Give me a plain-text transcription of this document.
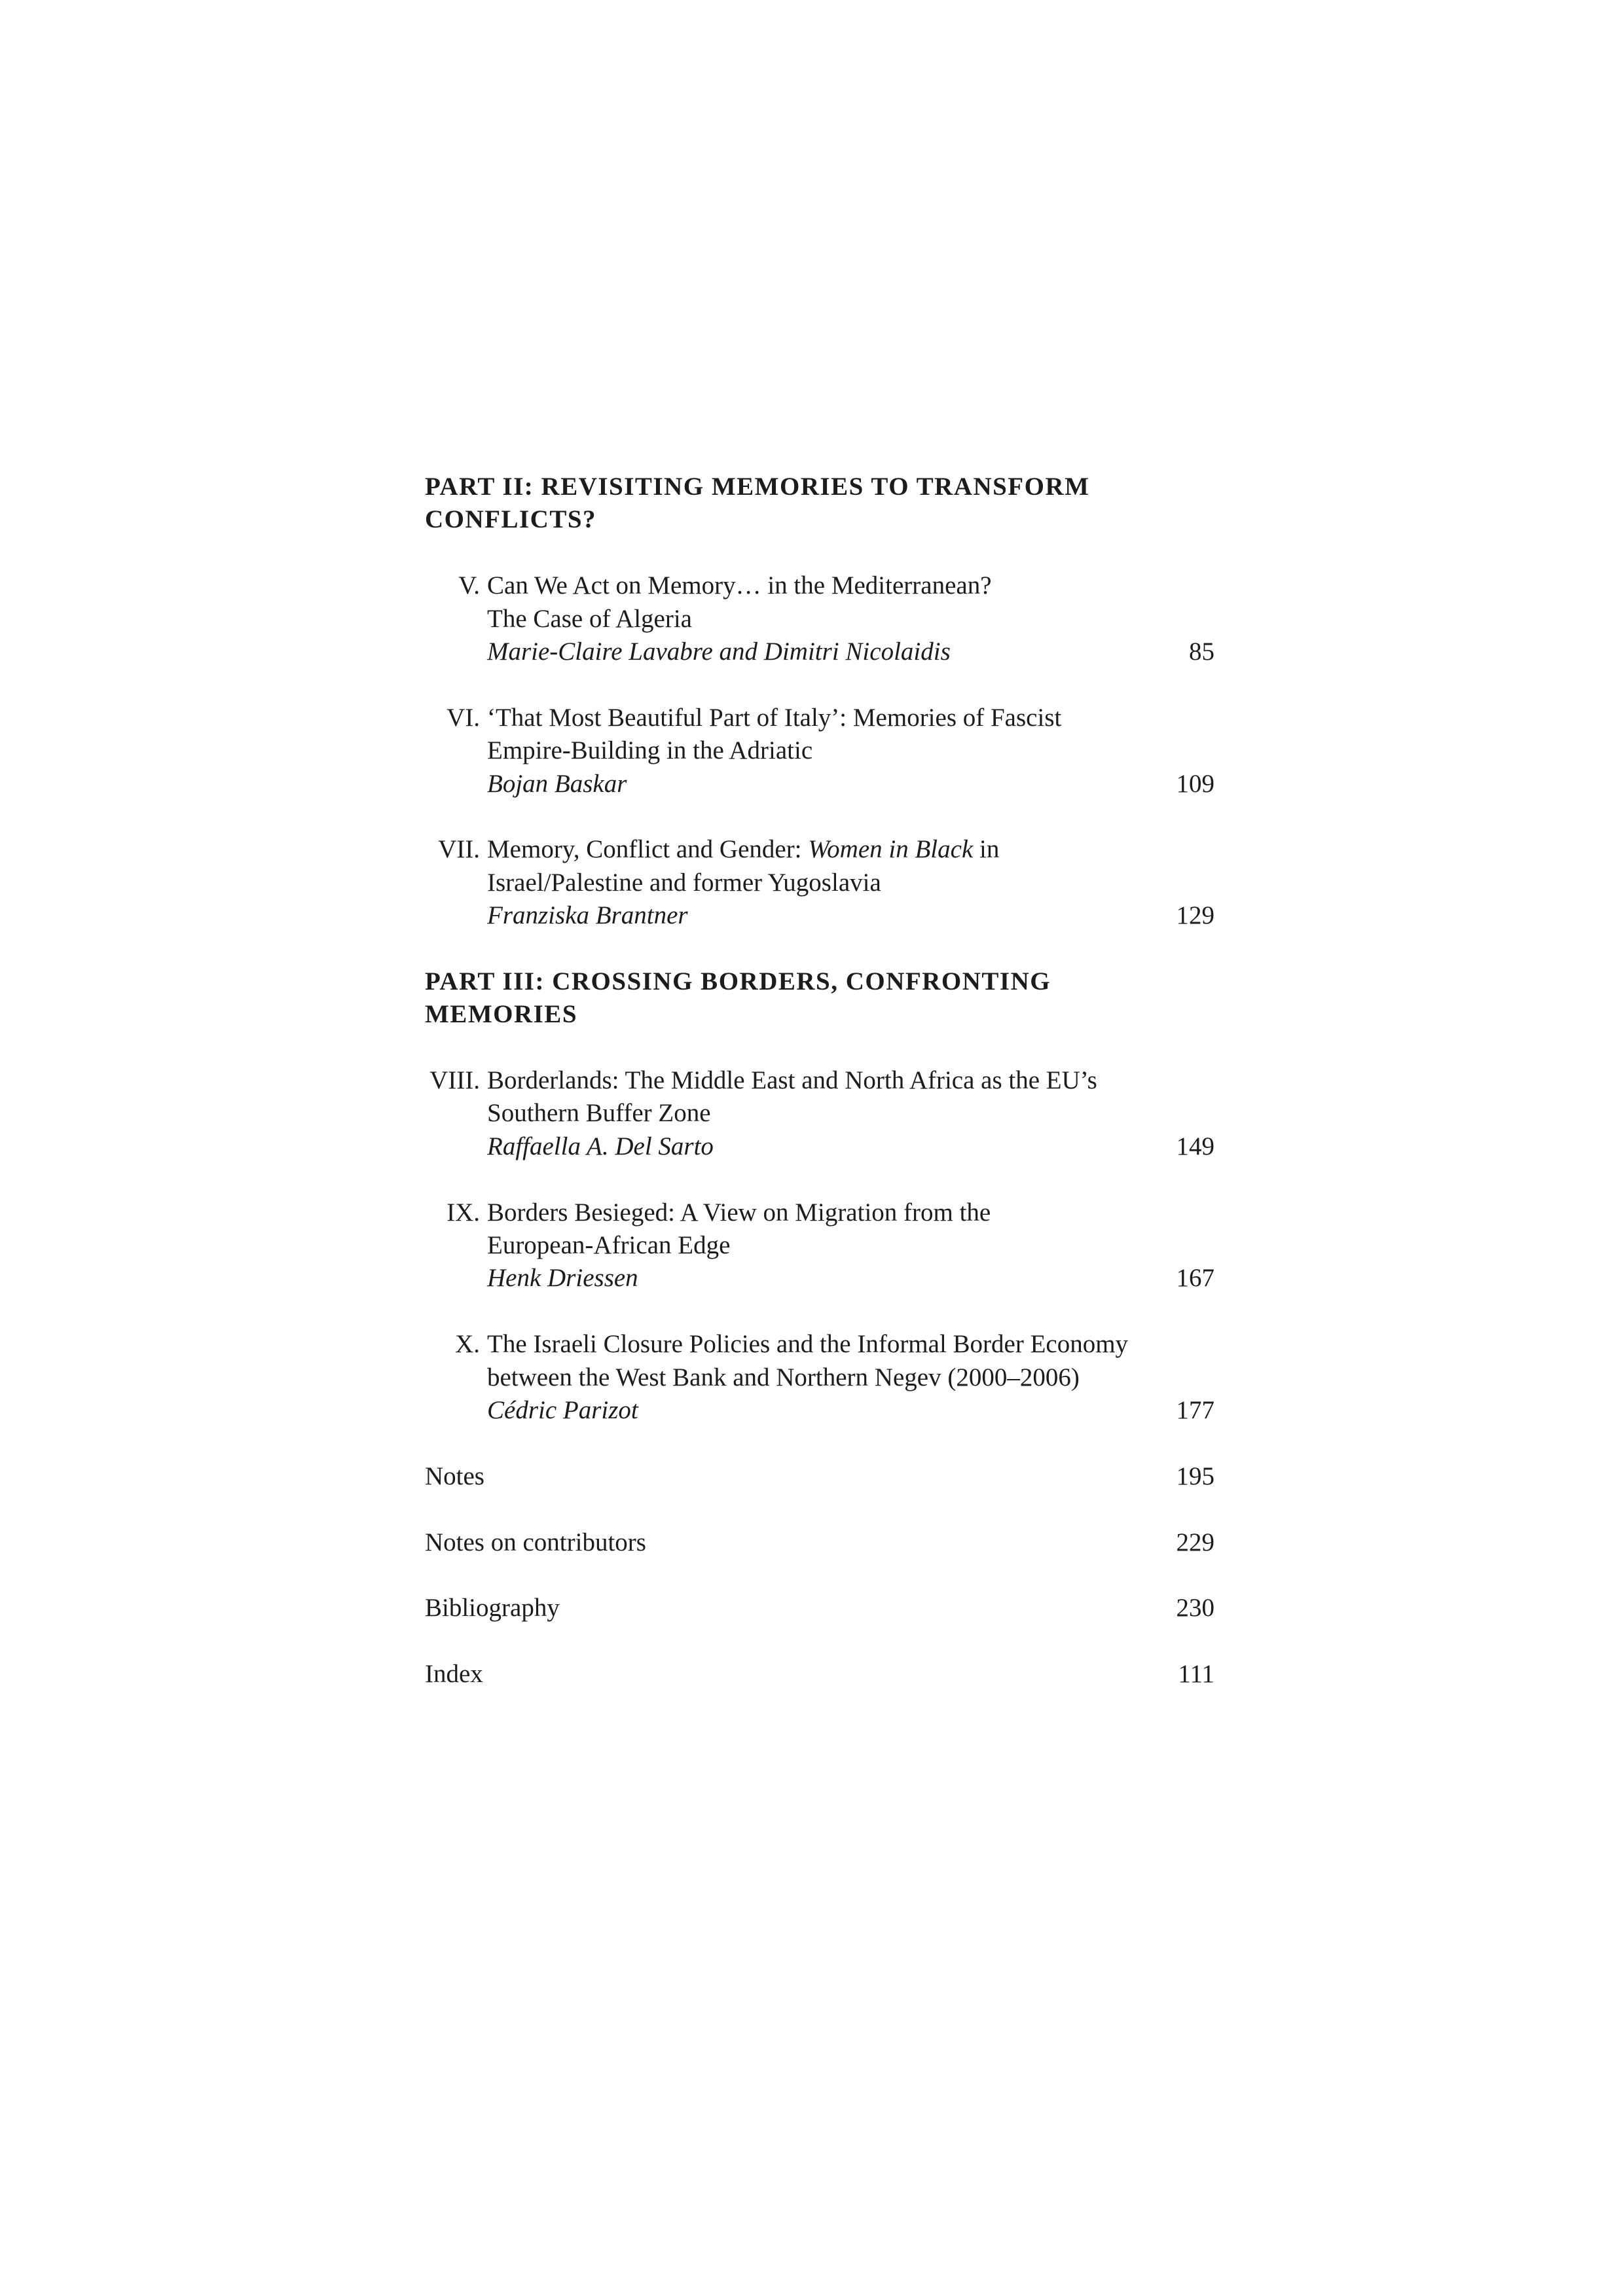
PART II: REVISITING MEMORIES TO TRANSFORM
CONFLICTS?
V. Can We Act on Memory… in the Mediterranean?
The Case of Algeria
Marie-Claire Lavabre and Dimitri Nicolaidis	85
VI. ‘That Most Beautiful Part of Italy’: Memories of Fascist
Empire-Building in the Adriatic
Bojan Baskar	109
VII. Memory, Conflict and Gender: Women in Black in
Israel/Palestine and former Yugoslavia
Franziska Brantner	129
PART III: CROSSING BORDERS, CONFRONTING
MEMORIES
VIII. Borderlands: The Middle East and North Africa as the EU’s
Southern Buffer Zone
Raffaella A. Del Sarto	149
IX. Borders Besieged: A View on Migration from the
European-African Edge
Henk Driessen	167
X. The Israeli Closure Policies and the Informal Border Economy
between the West Bank and Northern Negev (2000–2006)
Cédric Parizot	177
Notes	195
Notes on contributors	229
Bibliography	230
Index	111
